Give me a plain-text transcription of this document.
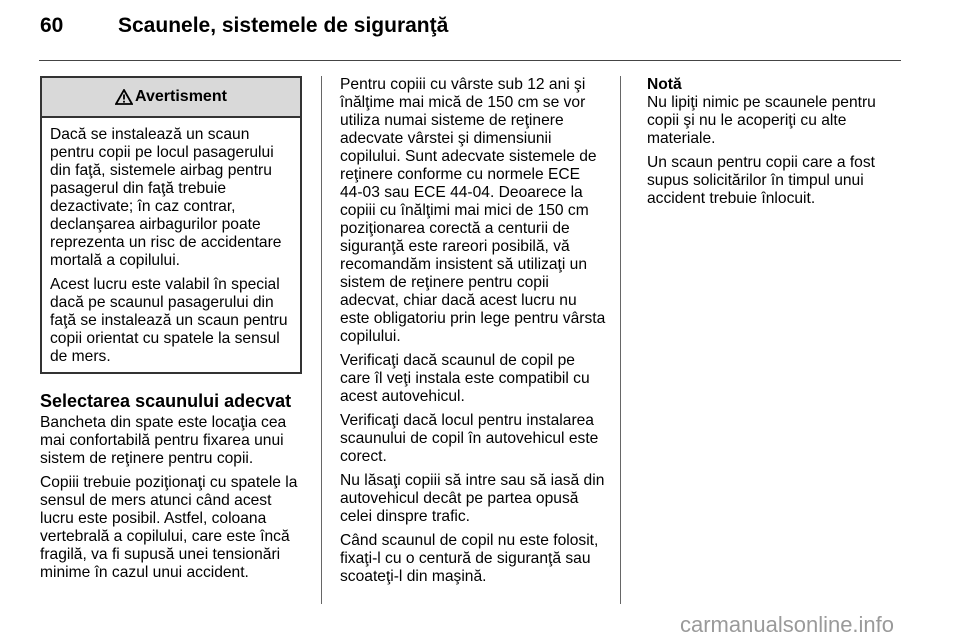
60	Scaunele, sistemele de siguranţă
Avertisment

Dacă se instalează un scaun pentru copii pe locul pasagerului din faţă, sistemele airbag pentru pasagerul din faţă trebuie dezactivate; în caz contrar, declanşarea airbagurilor poate reprezenta un risc de accidentare mortală a copilului.

Acest lucru este valabil în special dacă pe scaunul pasagerului din faţă se instalează un scaun pentru copii orientat cu spatele la sensul de mers.

Selectarea scaunului adecvat

Bancheta din spate este locaţia cea mai confortabilă pentru fixarea unui sistem de reţinere pentru copii.

Copiii trebuie poziţionaţi cu spatele la sensul de mers atunci când acest lucru este posibil. Astfel, coloana vertebrală a copilului, care este încă fragilă, va fi supusă unei tensionări minime în cazul unui accident.

Pentru copiii cu vârste sub 12 ani şi înălţime mai mică de 150 cm se vor utiliza numai sisteme de reţinere adecvate vârstei şi dimensiunii copilului. Sunt adecvate sistemele de reţinere conforme cu normele ECE 44-03 sau ECE 44-04. Deoarece la copiii cu înălţimi mai mici de 150 cm poziţionarea corectă a centurii de siguranţă este rareori posibilă, vă recomandăm insistent să utilizaţi un sistem de reţinere pentru copii adecvat, chiar dacă acest lucru nu este obligatoriu prin lege pentru vârsta copilului.

Verificaţi dacă scaunul de copil pe care îl veţi instala este compatibil cu acest autovehicul.

Verificaţi dacă locul pentru instalarea scaunului de copil în autovehicul este corect.

Nu lăsaţi copiii să intre sau să iasă din autovehicul decât pe partea opusă celei dinspre trafic.

Când scaunul de copil nu este folosit, fixaţi-l cu o centură de siguranţă sau scoateţi-l din maşină.

Notă

Nu lipiţi nimic pe scaunele pentru copii şi nu le acoperiţi cu alte materiale.

Un scaun pentru copii care a fost supus solicitărilor în timpul unui accident trebuie înlocuit.

carmanualsonline.info
